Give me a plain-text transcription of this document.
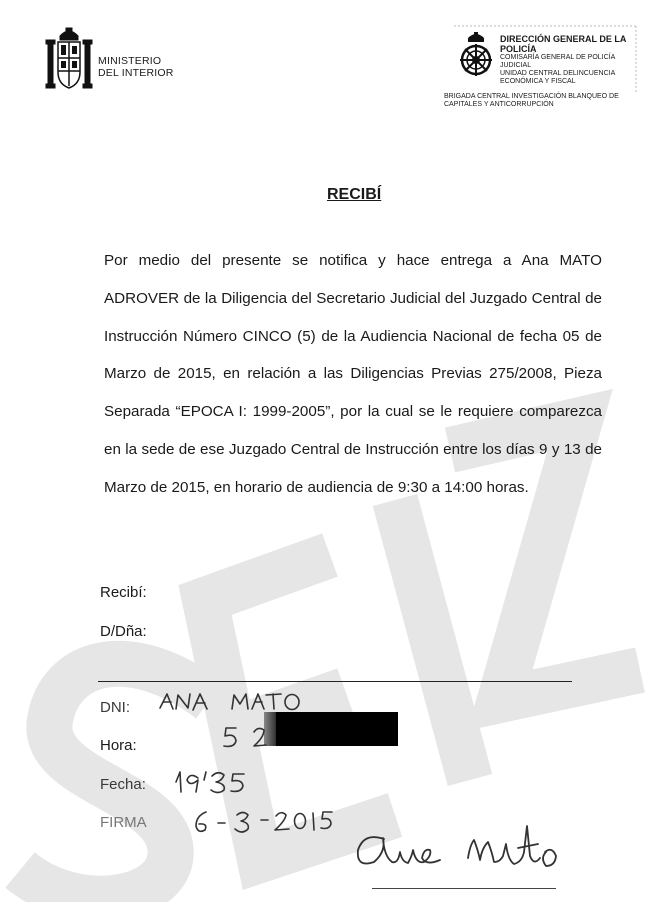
MINISTERIO
DEL INTERIOR
DIRECCIÓN GENERAL DE LA
POLICÍA
COMISARÍA GENERAL DE POLICÍA
JUDICIAL
UNIDAD CENTRAL DELINCUENCIA
ECONÓMICA Y FISCAL
BRIGADA CENTRAL INVESTIGACIÓN BLANQUEO DE
CAPITALES Y ANTICORRUPCIÓN
RECIBÍ
Por medio del presente se notifica y hace entrega a Ana MATO ADROVER de la Diligencia del Secretario Judicial del Juzgado Central de Instrucción Número CINCO (5) de la Audiencia Nacional de fecha 05 de Marzo de 2015, en relación a las Diligencias Previas 275/2008, Pieza Separada “EPOCA I: 1999-2005”, por la cual se le requiere comparezca en la sede de ese Juzgado Central de Instrucción entre los días 9 y 13 de Marzo de 2015, en horario de audiencia de 9:30 a 14:00 horas.
Recibí:
D/Dña:
DNI:
Hora:
Fecha:
FIRMA
